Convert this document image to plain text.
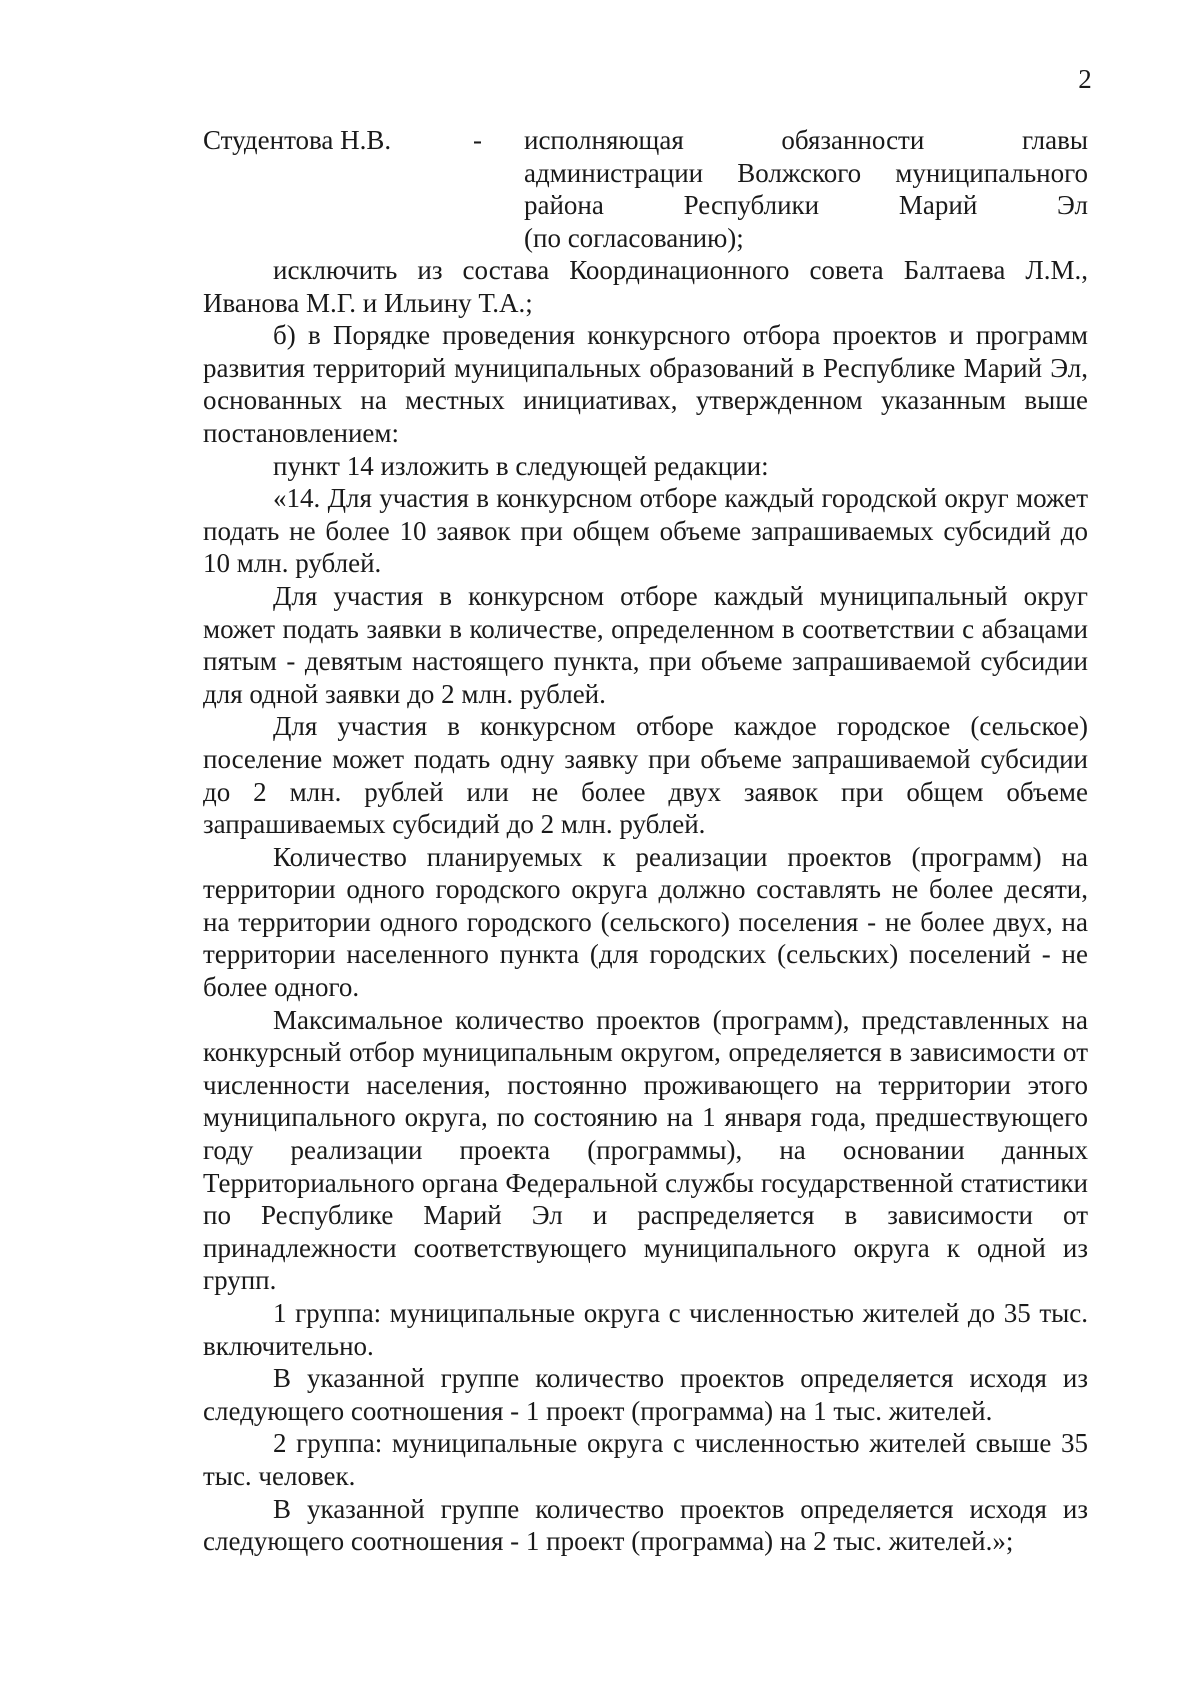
2
Студентова Н.В.	- исполняющая обязанности главы администрации Волжского муниципального района Республики Марий Эл
(по согласованию);

исключить из состава Координационного совета Балтаева Л.М., Иванова М.Г. и Ильину Т.А.;

б) в Порядке проведения конкурсного отбора проектов и программ развития территорий муниципальных образований в Республике Марий Эл, основанных на местных инициативах, утвержденном указанным выше постановлением:

пункт 14 изложить в следующей редакции:

«14. Для участия в конкурсном отборе каждый городской округ может подать не более 10 заявок при общем объеме запрашиваемых субсидий до 10 млн. рублей.

Для участия в конкурсном отборе каждый муниципальный округ может подать заявки в количестве, определенном в соответствии с абзацами пятым - девятым настоящего пункта, при объеме запрашиваемой субсидии для одной заявки до 2 млн. рублей.

Для участия в конкурсном отборе каждое городское (сельское) поселение может подать одну заявку при объеме запрашиваемой субсидии до 2 млн. рублей или не более двух заявок при общем объеме запрашиваемых субсидий до 2 млн. рублей.

Количество планируемых к реализации проектов (программ) на территории одного городского округа должно составлять не более десяти, на территории одного городского (сельского) поселения - не более двух, на территории населенного пункта (для городских (сельских) поселений - не более одного.

Максимальное количество проектов (программ), представленных на конкурсный отбор муниципальным округом, определяется в зависимости от численности населения, постоянно проживающего на территории этого муниципального округа, по состоянию на 1 января года, предшествующего году реализации проекта (программы), на основании данных Территориального органа Федеральной службы государственной статистики по Республике Марий Эл и распределяется в зависимости от принадлежности соответствующего муниципального округа к одной из групп.

1 группа: муниципальные округа с численностью жителей до 35 тыс. включительно.

В указанной группе количество проектов определяется исходя из следующего соотношения - 1 проект (программа) на 1 тыс. жителей.

2 группа: муниципальные округа с численностью жителей свыше 35 тыс. человек.

В указанной группе количество проектов определяется исходя из следующего соотношения - 1 проект (программа) на 2 тыс. жителей.»;
